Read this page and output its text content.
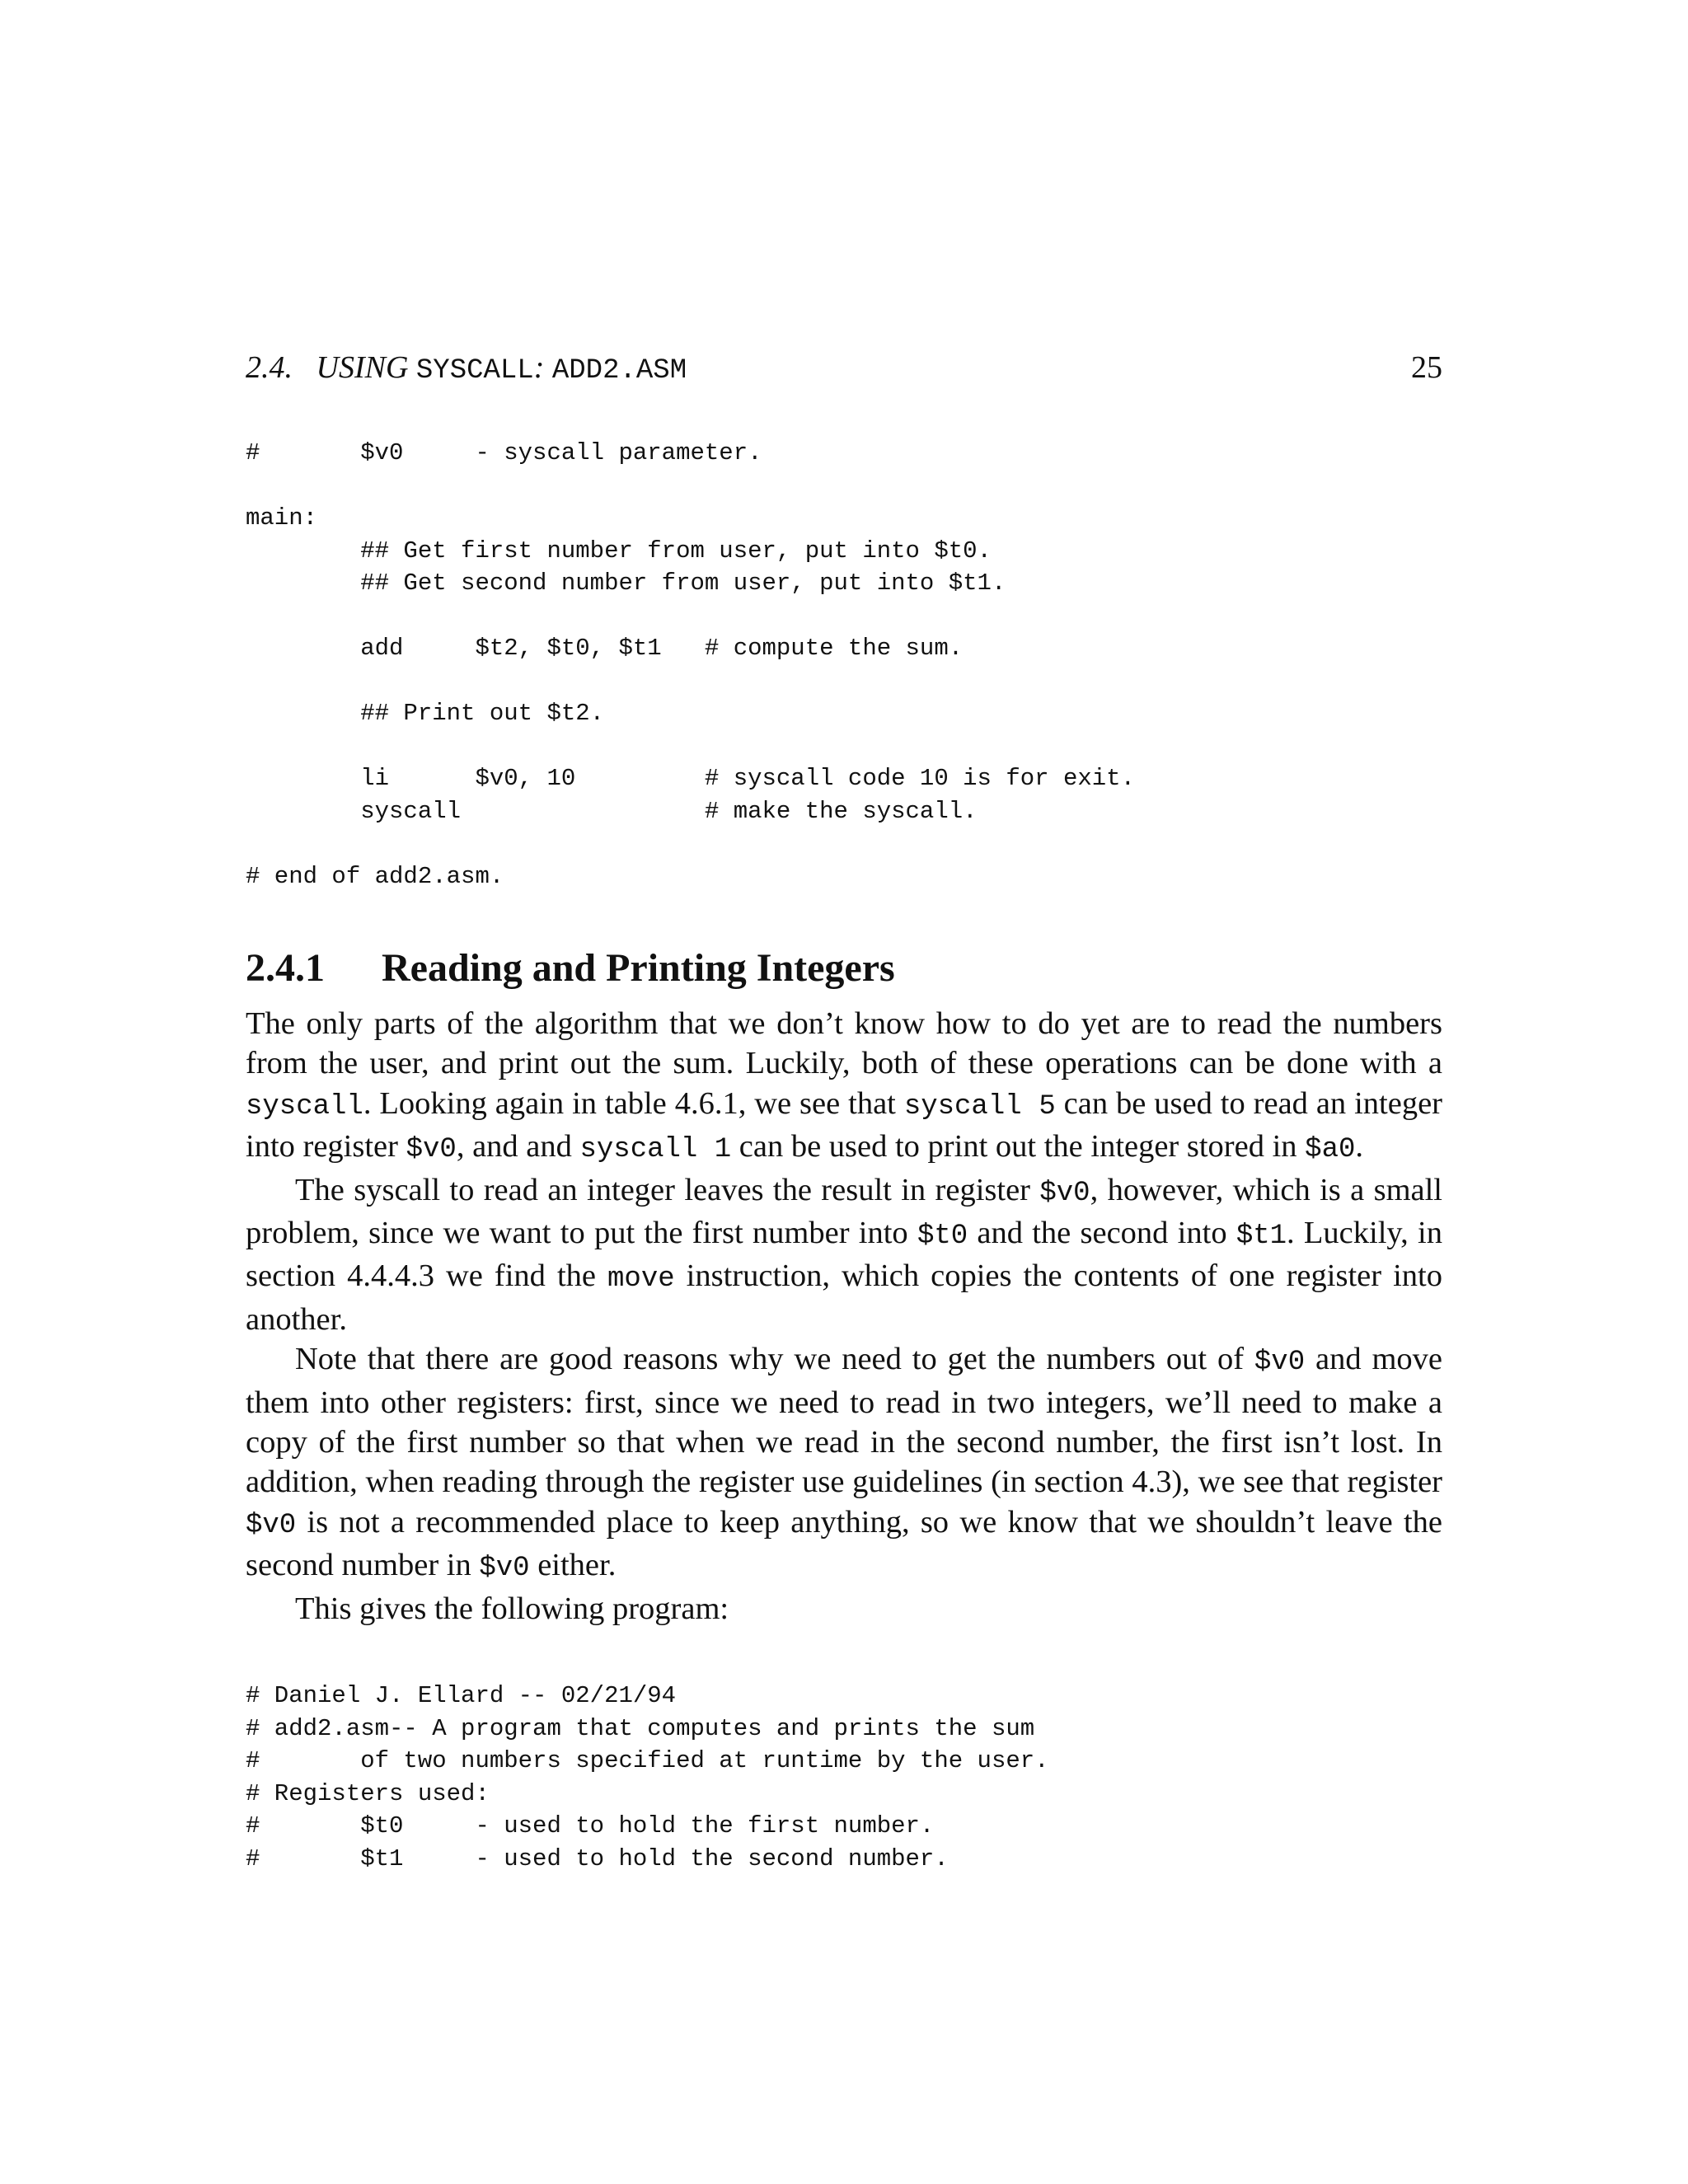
2.4. USING SYSCALL: ADD2.ASM	25
#       $v0     - syscall parameter.

main:
## Get first number from user, put into $t0.
## Get second number from user, put into $t1.

add     $t2, $t0, $t1   # compute the sum.

## Print out $t2.

li      $v0, 10         # syscall code 10 is for exit.
syscall                 # make the syscall.

# end of add2.asm.
2.4.1 Reading and Printing Integers

The only parts of the algorithm that we don’t know how to do yet are to read the numbers from the user, and print out the sum. Luckily, both of these operations can be done with a syscall. Looking again in table 4.6.1, we see that syscall 5 can be used to read an integer into register $v0, and and syscall 1 can be used to print out the integer stored in $a0.

The syscall to read an integer leaves the result in register $v0, however, which is a small problem, since we want to put the first number into $t0 and the second into $t1. Luckily, in section 4.4.4.3 we find the move instruction, which copies the contents of one register into another.

Note that there are good reasons why we need to get the numbers out of $v0 and move them into other registers: first, since we need to read in two integers, we’ll need to make a copy of the first number so that when we read in the second number, the first isn’t lost. In addition, when reading through the register use guidelines (in section 4.3), we see that register $v0 is not a recommended place to keep anything, so we know that we shouldn’t leave the second number in $v0 either.

This gives the following program:

# Daniel J. Ellard -- 02/21/94
# add2.asm-- A program that computes and prints the sum
#       of two numbers specified at runtime by the user.
# Registers used:
#       $t0     - used to hold the first number.
#       $t1     - used to hold the second number.
